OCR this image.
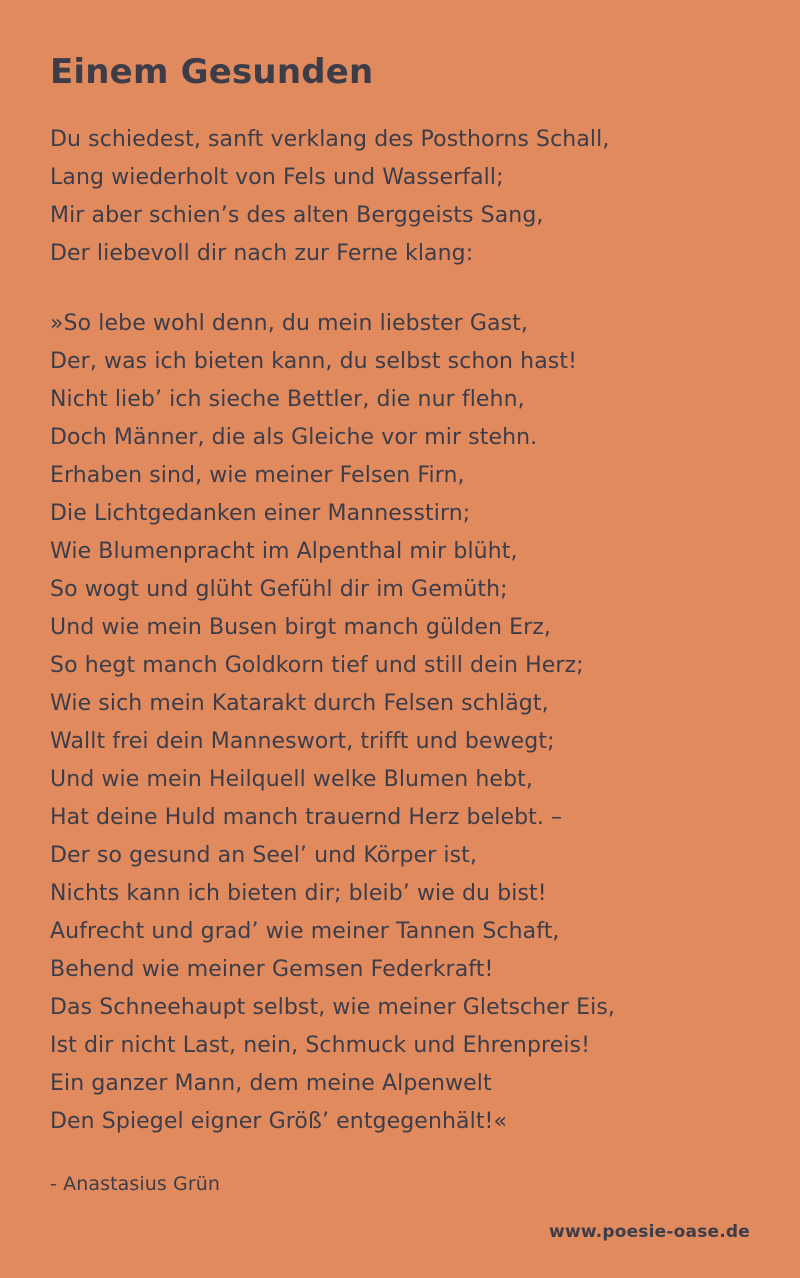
Einem Gesunden
Du schiedest, sanft verklang des Posthorns Schall,
Lang wiederholt von Fels und Wasserfall;
Mir aber schien’s des alten Berggeists Sang,
Der liebevoll dir nach zur Ferne klang:
»So lebe wohl denn, du mein liebster Gast,
Der, was ich bieten kann, du selbst schon hast!
Nicht lieb’ ich sieche Bettler, die nur flehn,
Doch Männer, die als Gleiche vor mir stehn.
Erhaben sind, wie meiner Felsen Firn,
Die Lichtgedanken einer Mannesstirn;
Wie Blumenpracht im Alpenthal mir blüht,
So wogt und glüht Gefühl dir im Gemüth;
Und wie mein Busen birgt manch gülden Erz,
So hegt manch Goldkorn tief und still dein Herz;
Wie sich mein Katarakt durch Felsen schlägt,
Wallt frei dein Manneswort, trifft und bewegt;
Und wie mein Heilquell welke Blumen hebt,
Hat deine Huld manch trauernd Herz belebt. –
Der so gesund an Seel’ und Körper ist,
Nichts kann ich bieten dir; bleib’ wie du bist!
Aufrecht und grad’ wie meiner Tannen Schaft,
Behend wie meiner Gemsen Federkraft!
Das Schneehaupt selbst, wie meiner Gletscher Eis,
Ist dir nicht Last, nein, Schmuck und Ehrenpreis!
Ein ganzer Mann, dem meine Alpenwelt
Den Spiegel eigner Größ’ entgegenhält!«
- Anastasius Grün
www.poesie-oase.de
